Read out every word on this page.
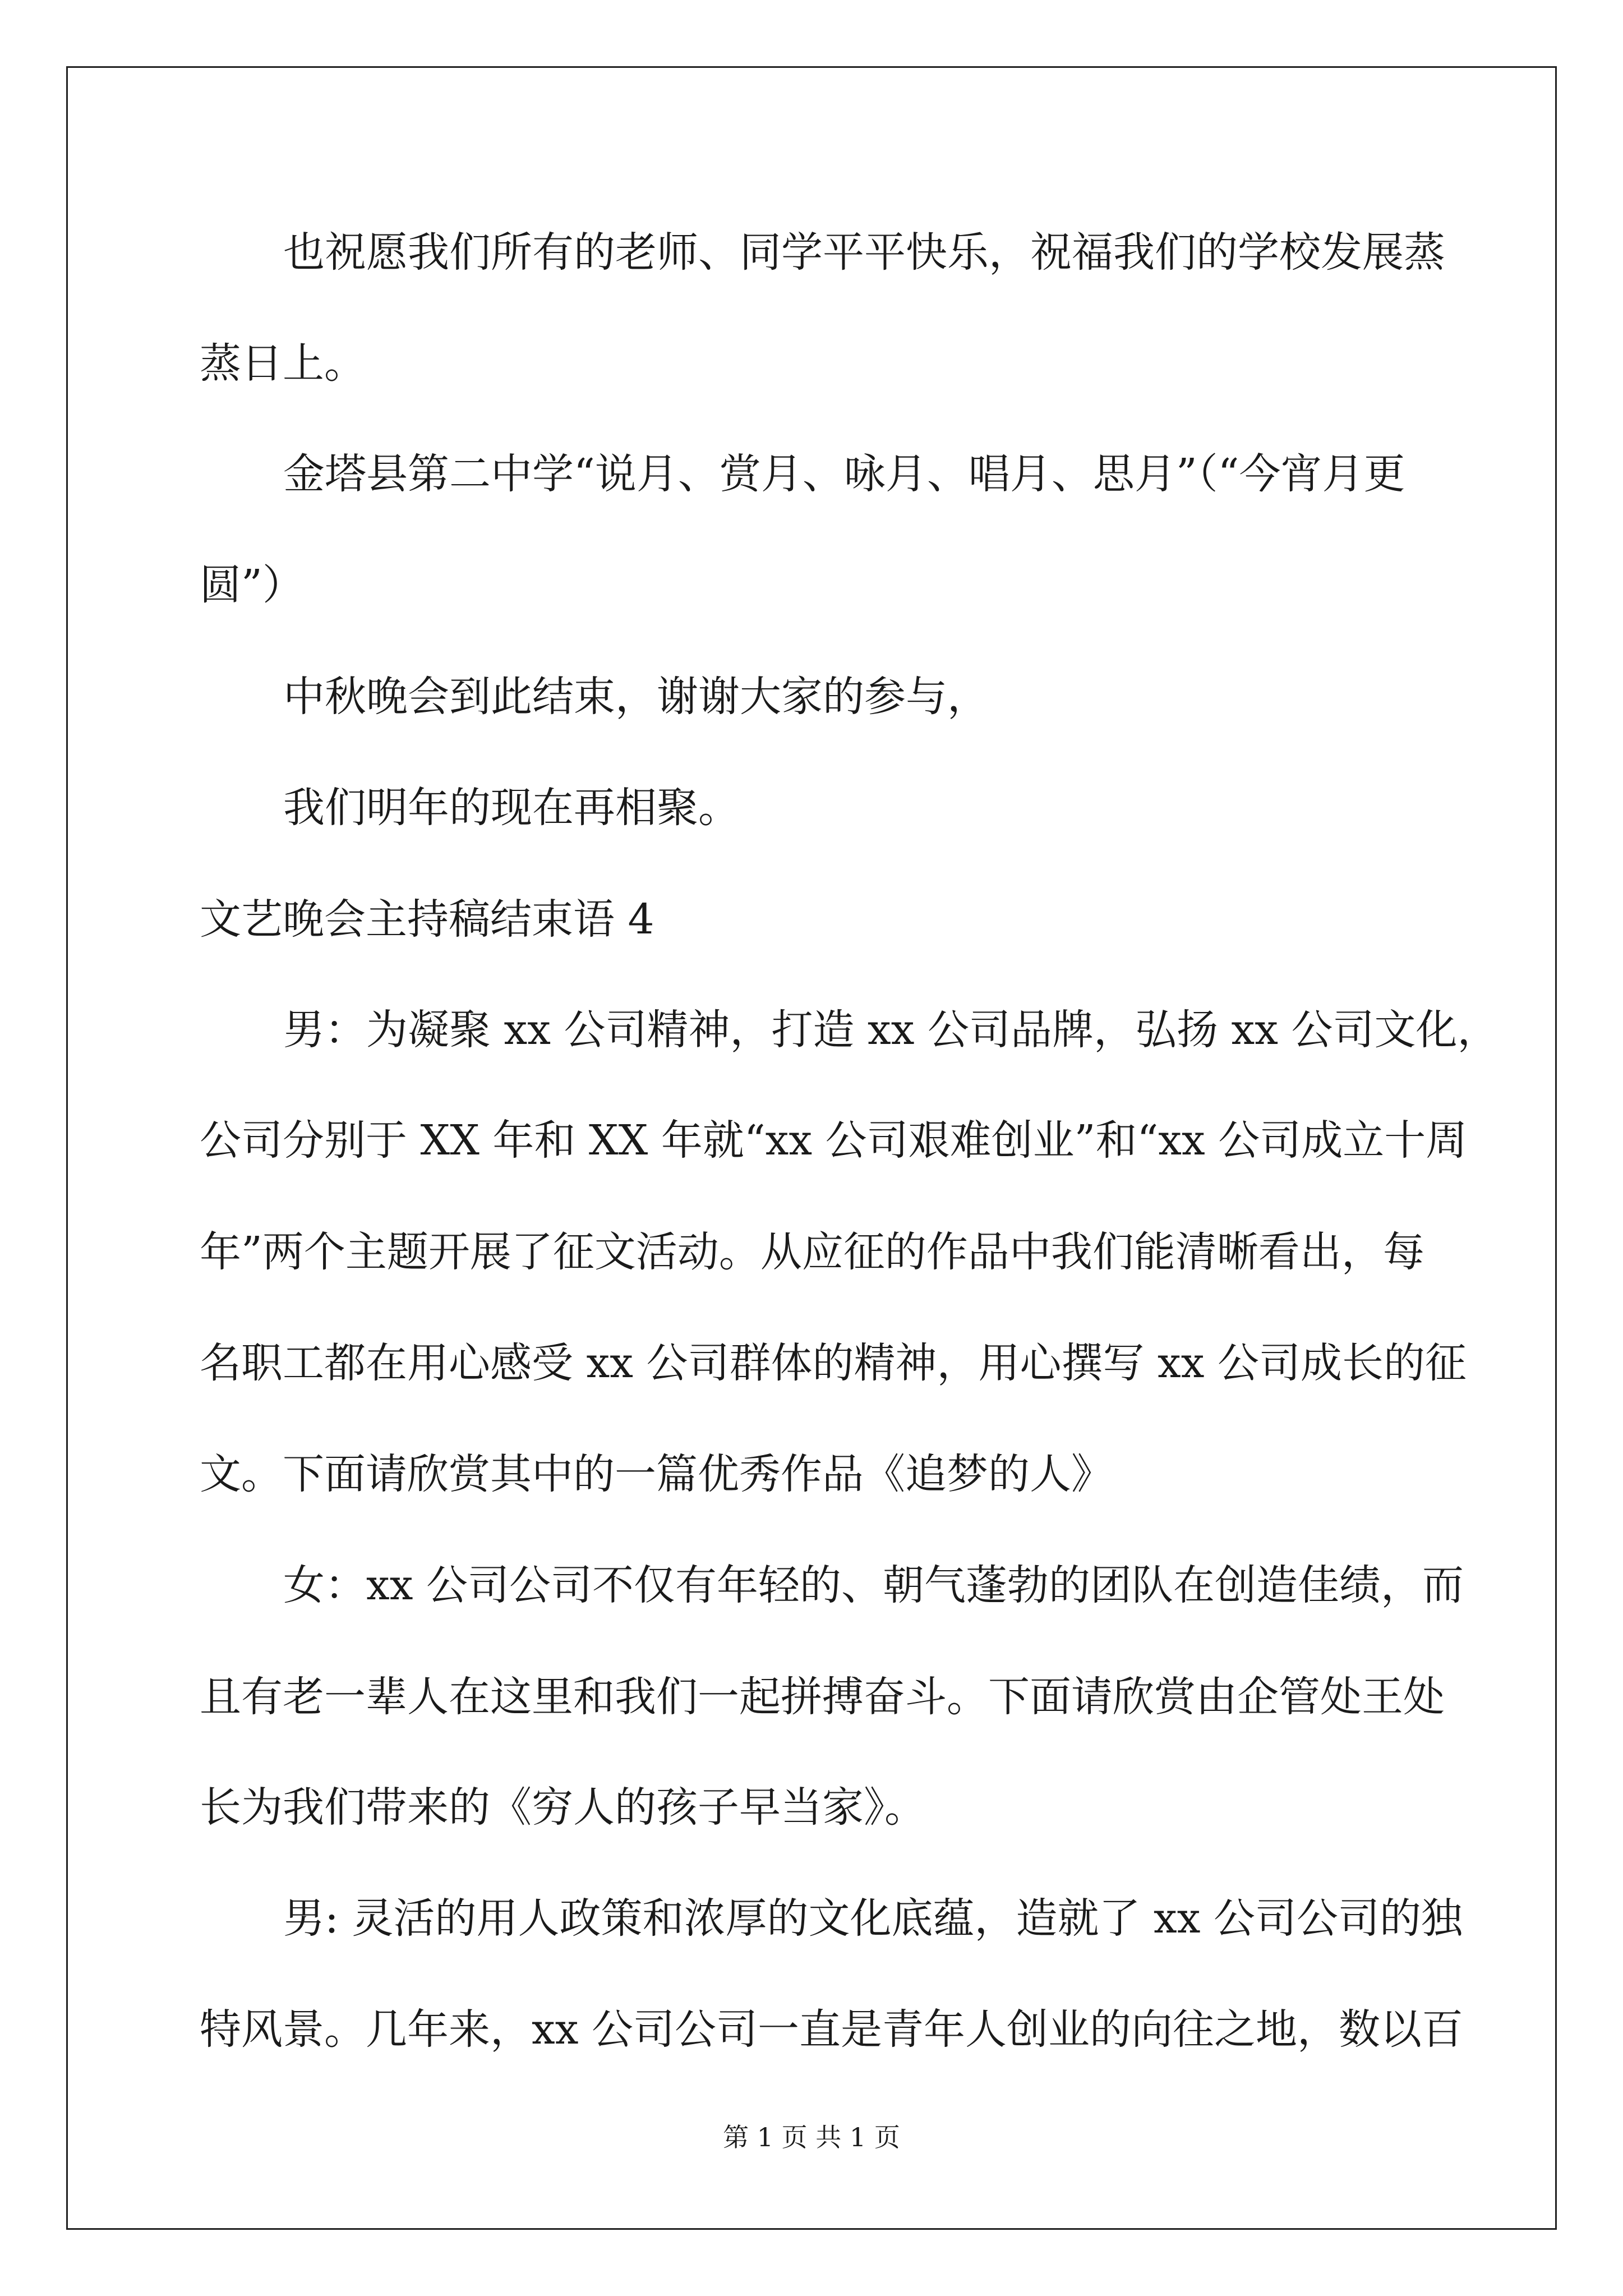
也祝愿我们所有的老师、同学平平快乐，祝福我们的学校发展蒸

蒸日上。

金塔县第二中学“说月、赏月、咏月、唱月、思月”（“今宵月更

圆”）

中秋晚会到此结束，谢谢大家的参与，

我们明年的现在再相聚。

文艺晚会主持稿结束语 4

男：为凝聚 xx 公司精神，打造 xx 公司品牌，弘扬 xx 公司文化，

公司分别于 XX 年和 XX 年就“xx 公司艰难创业”和“xx 公司成立十周

年”两个主题开展了征文活动。从应征的作品中我们能清晰看出，每

名职工都在用心感受 xx 公司群体的精神，用心撰写 xx 公司成长的征

文。下面请欣赏其中的一篇优秀作品《追梦的人》

女：xx 公司公司不仅有年轻的、朝气蓬勃的团队在创造佳绩，而

且有老一辈人在这里和我们一起拼搏奋斗。下面请欣赏由企管处王处

长为我们带来的《穷人的孩子早当家》。

男: 灵活的用人政策和浓厚的文化底蕴，造就了 xx 公司公司的独

特风景。几年来，xx 公司公司一直是青年人创业的向往之地，数以百

第 1 页 共 1 页
